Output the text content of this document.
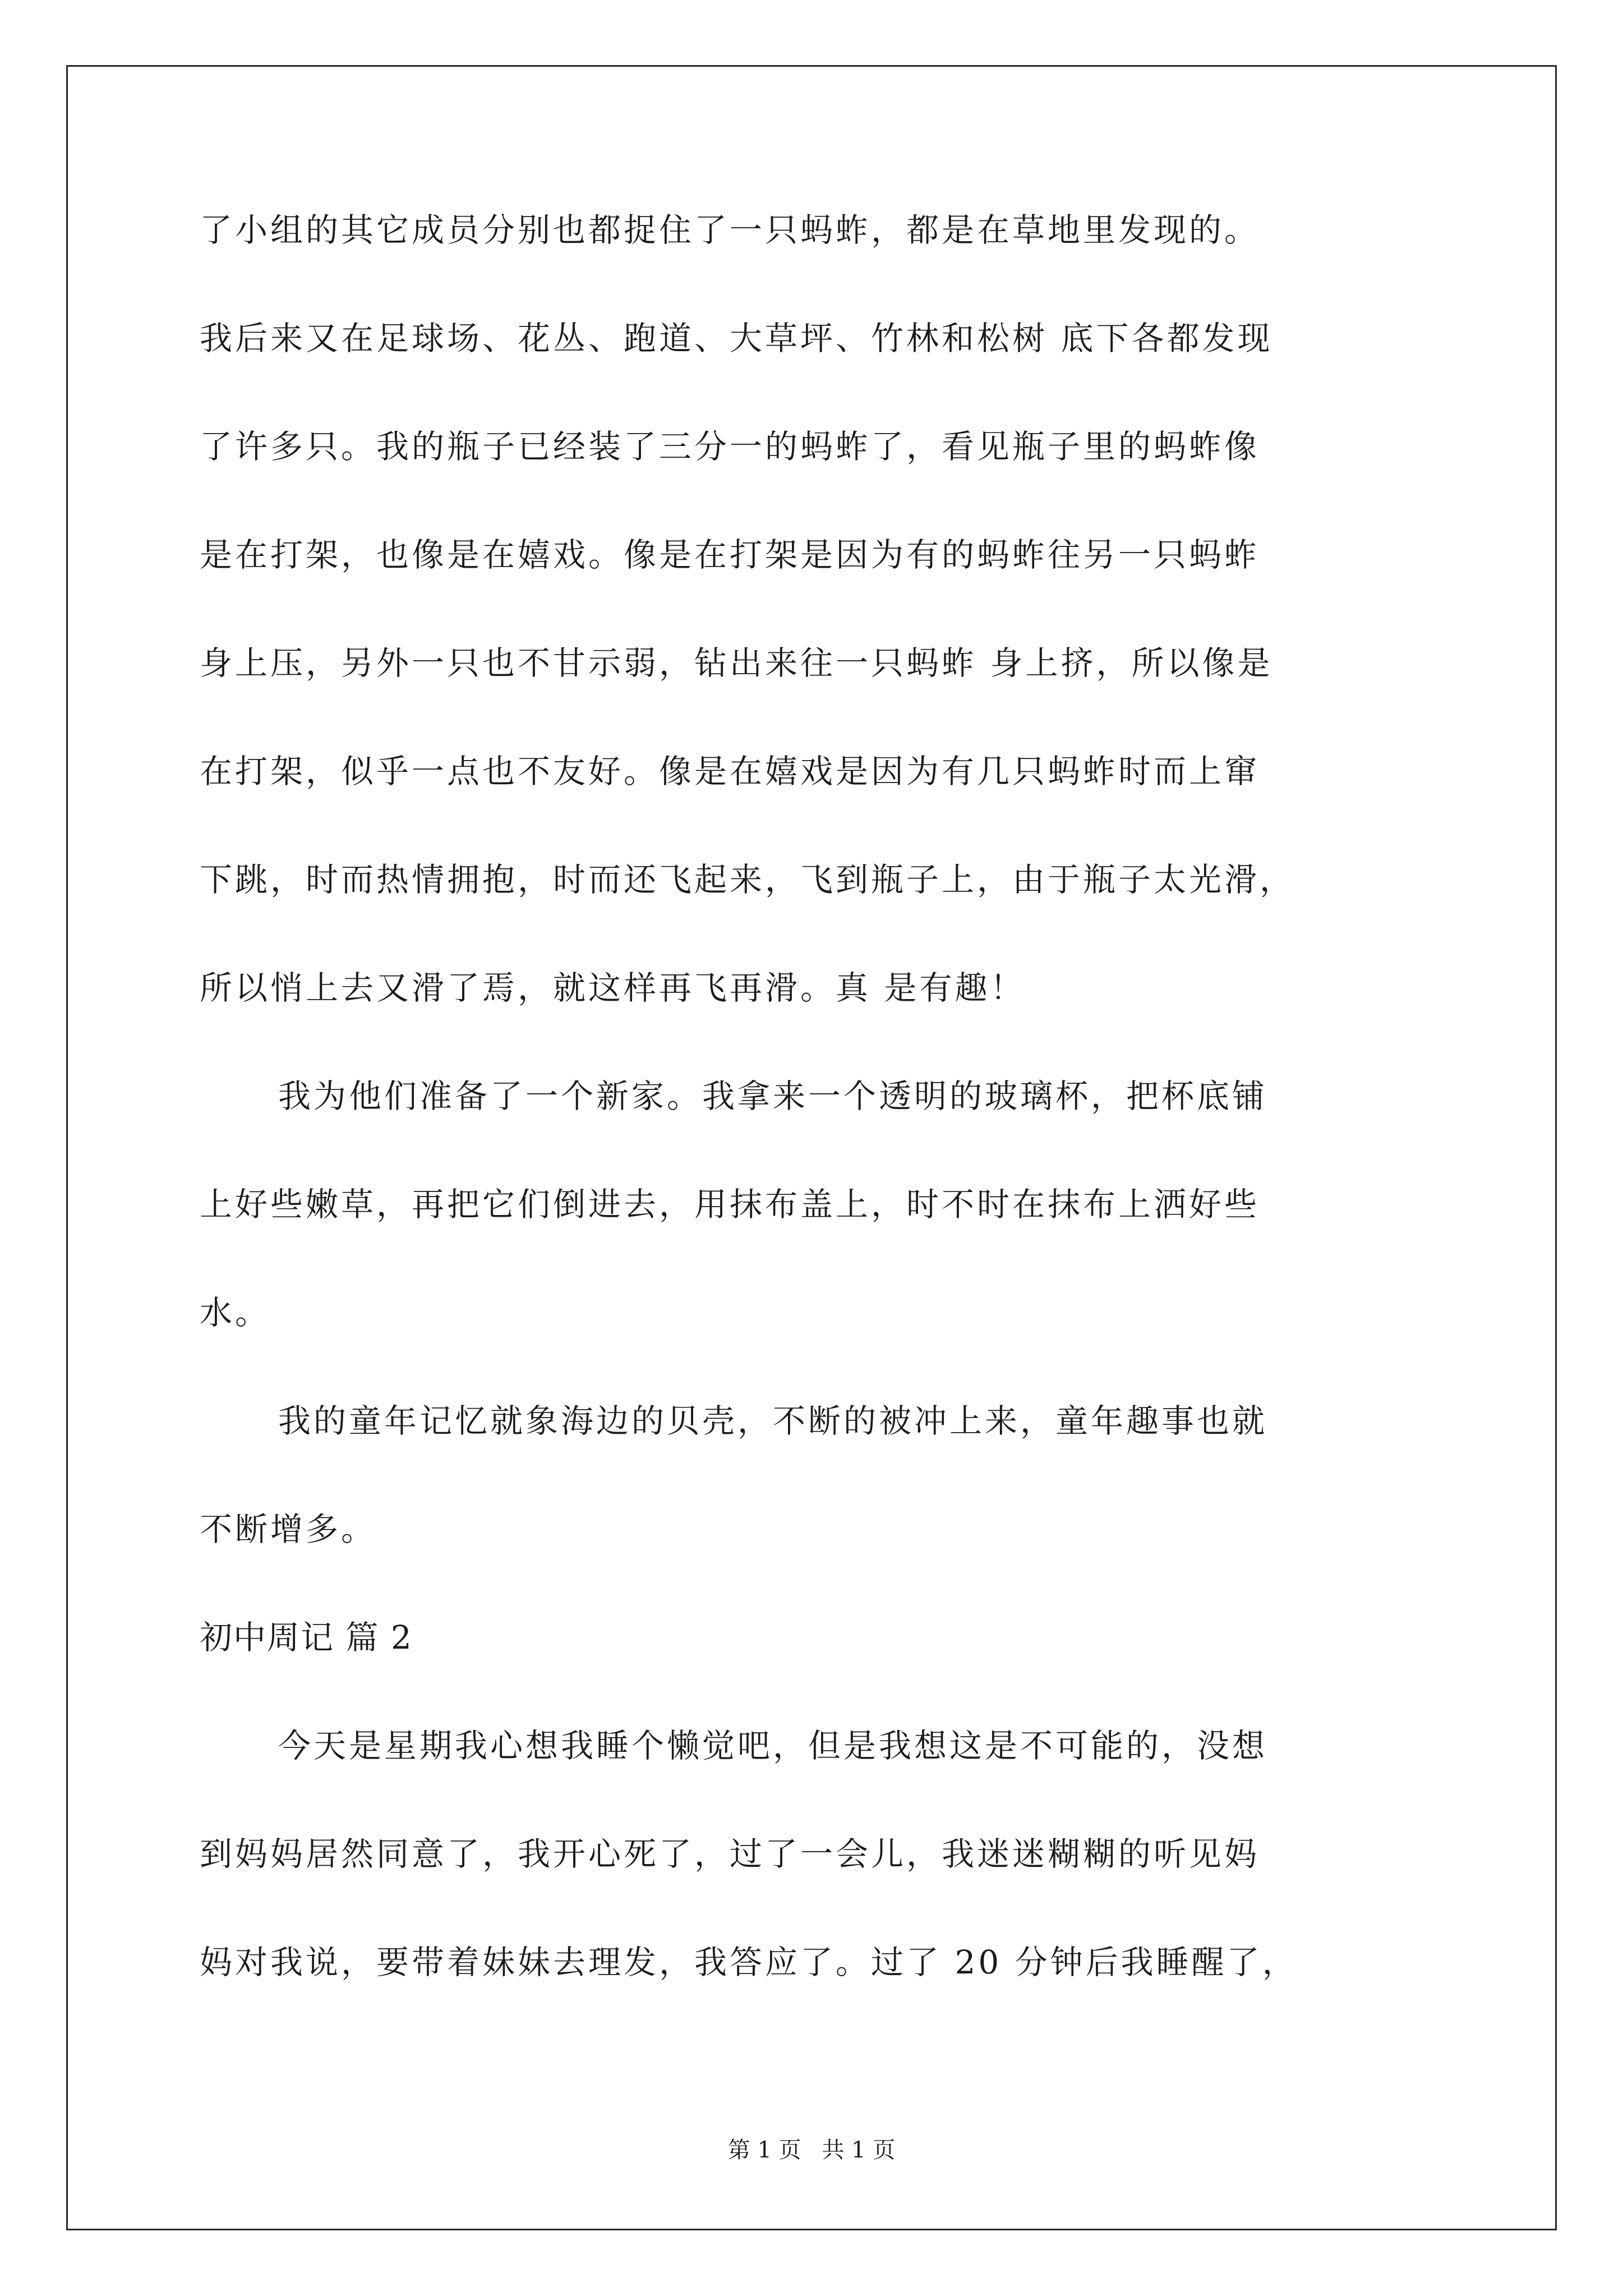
了小组的其它成员分别也都捉住了一只蚂蚱，都是在草地里发现的。
我后来又在足球场、花丛、跑道、大草坪、竹林和松树 底下各都发现
了许多只。我的瓶子已经装了三分一的蚂蚱了，看见瓶子里的蚂蚱像
是在打架，也像是在嬉戏。像是在打架是因为有的蚂蚱往另一只蚂蚱
身上压，另外一只也不甘示弱，钻出来往一只蚂蚱 身上挤，所以像是
在打架，似乎一点也不友好。像是在嬉戏是因为有几只蚂蚱时而上窜
下跳，时而热情拥抱，时而还飞起来，飞到瓶子上，由于瓶子太光滑，
所以悄上去又滑了焉，就这样再飞再滑。真 是有趣！
我为他们准备了一个新家。我拿来一个透明的玻璃杯，把杯底铺
上好些嫩草，再把它们倒进去，用抹布盖上，时不时在抹布上洒好些
水。
我的童年记忆就象海边的贝壳，不断的被冲上来，童年趣事也就
不断增多。
初中周记 篇 2
今天是星期我心想我睡个懒觉吧，但是我想这是不可能的，没想
到妈妈居然同意了，我开心死了，过了一会儿，我迷迷糊糊的听见妈
妈对我说，要带着妹妹去理发，我答应了。过了 20 分钟后我睡醒了，
第 1 页 共 1 页
